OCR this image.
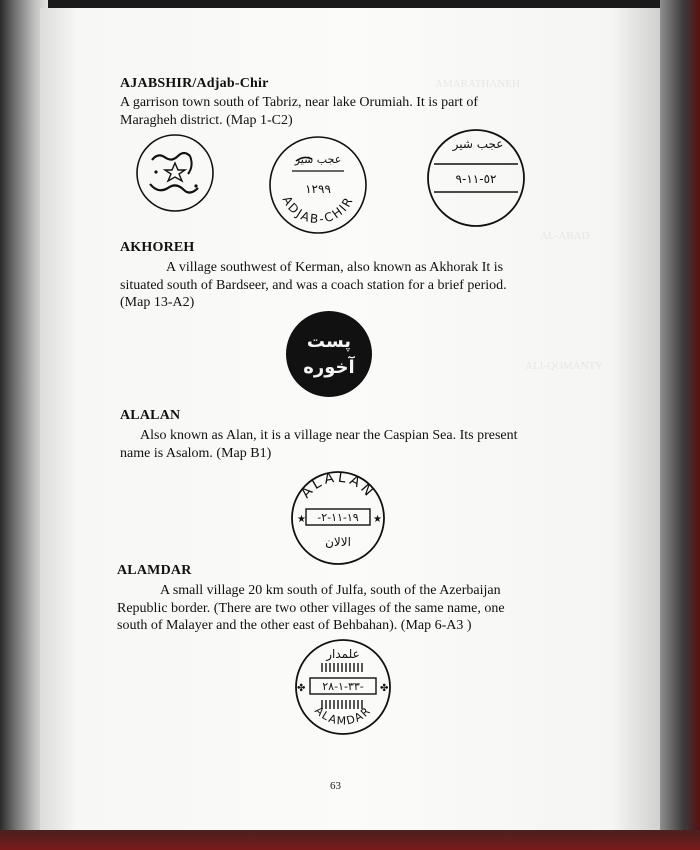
AMARATHANEH
AL-ABAD
ALI-QOMANTY
AJABSHIR/Adjab-Chir
A garrison town south of Tabriz, near lake Orumiah. It is part of
Maragheh district. (Map 1-C2)
عجب شیر
١٢٩٩
ADJAB-CHIR
عجب شیر
٥٢-١١-٩
AKHOREH
A village southwest of Kerman, also known as Akhorak It is
situated south of Bardseer, and was a coach station for a brief period.
(Map 13-A2)
پست
آخوره
ALALAN
Also known as Alan, it is a village near the Caspian Sea. Its present
name is Asalom. (Map B1)
ALALAN
-۲-۱۱-۱۹
★	★
الالان
ALAMDAR
A small village 20 km south of Julfa, south of the Azerbaijan
Republic border. (There are two other villages of the same name, one
south of Malayer and the other east of Behbahan). (Map 6-A3 )
علمدار
٣٣-١-٢٨-
✤	✤
ALAMDAR
63
